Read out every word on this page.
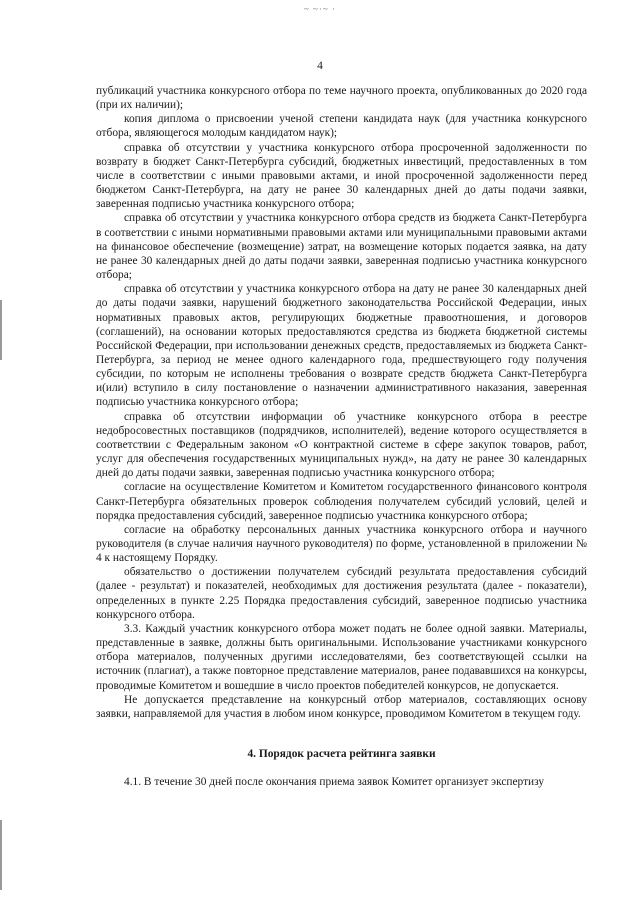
~ ~·~ ·
4

публикаций участника конкурсного отбора по теме научного проекта, опубликованных до 2020 года (при их наличии);

копия диплома о присвоении ученой степени кандидата наук (для участника конкурсного отбора, являющегося молодым кандидатом наук);

справка об отсутствии у участника конкурсного отбора просроченной задолженности по возврату в бюджет Санкт-Петербурга субсидий, бюджетных инвестиций, предоставленных в том числе в соответствии с иными правовыми актами, и иной просроченной задолженности перед бюджетом Санкт-Петербурга, на дату не ранее 30 календарных дней до даты подачи заявки, заверенная подписью участника конкурсного отбора;

справка об отсутствии у участника конкурсного отбора средств из бюджета Санкт-Петербурга в соответствии с иными нормативными правовыми актами или муниципальными правовыми актами на финансовое обеспечение (возмещение) затрат, на возмещение которых подается заявка, на дату не ранее 30 календарных дней до даты подачи заявки, заверенная подписью участника конкурсного отбора;

справка об отсутствии у участника конкурсного отбора на дату не ранее 30 календарных дней до даты подачи заявки, нарушений бюджетного законодательства Российской Федерации, иных нормативных правовых актов, регулирующих бюджетные правоотношения, и договоров (соглашений), на основании которых предоставляются средства из бюджета бюджетной системы Российской Федерации, при использовании денежных средств, предоставляемых из бюджета Санкт-Петербурга, за период не менее одного календарного года, предшествующего году получения субсидии, по которым не исполнены требования о возврате средств бюджета Санкт-Петербурга и(или) вступило в силу постановление о назначении административного наказания, заверенная подписью участника конкурсного отбора;

справка об отсутствии информации об участнике конкурсного отбора в реестре недобросовестных поставщиков (подрядчиков, исполнителей), ведение которого осуществляется в соответствии с Федеральным законом «О контрактной системе в сфере закупок товаров, работ, услуг для обеспечения государственных муниципальных нужд», на дату не ранее 30 календарных дней до даты подачи заявки, заверенная подписью участника конкурсного отбора;

согласие на осуществление Комитетом и Комитетом государственного финансового контроля Санкт-Петербурга обязательных проверок соблюдения получателем субсидий условий, целей и порядка предоставления субсидий, заверенное подписью участника конкурсного отбора;

согласие на обработку персональных данных участника конкурсного отбора и научного руководителя (в случае наличия научного руководителя) по форме, установленной в приложении № 4 к настоящему Порядку.

обязательство о достижении получателем субсидий результата предоставления субсидий (далее - результат) и показателей, необходимых для достижения результата (далее - показатели), определенных в пункте 2.25 Порядка предоставления субсидий, заверенное подписью участника конкурсного отбора.

3.3. Каждый участник конкурсного отбора может подать не более одной заявки. Материалы, представленные в заявке, должны быть оригинальными. Использование участниками конкурсного отбора материалов, полученных другими исследователями, без соответствующей ссылки на источник (плагиат), а также повторное представление материалов, ранее подававшихся на конкурсы, проводимые Комитетом и вошедшие в число проектов победителей конкурсов, не допускается.

Не допускается представление на конкурсный отбор материалов, составляющих основу заявки, направляемой для участия в любом ином конкурсе, проводимом Комитетом в текущем году.

4. Порядок расчета рейтинга заявки

4.1. В течение 30 дней после окончания приема заявок Комитет организует экспертизу
